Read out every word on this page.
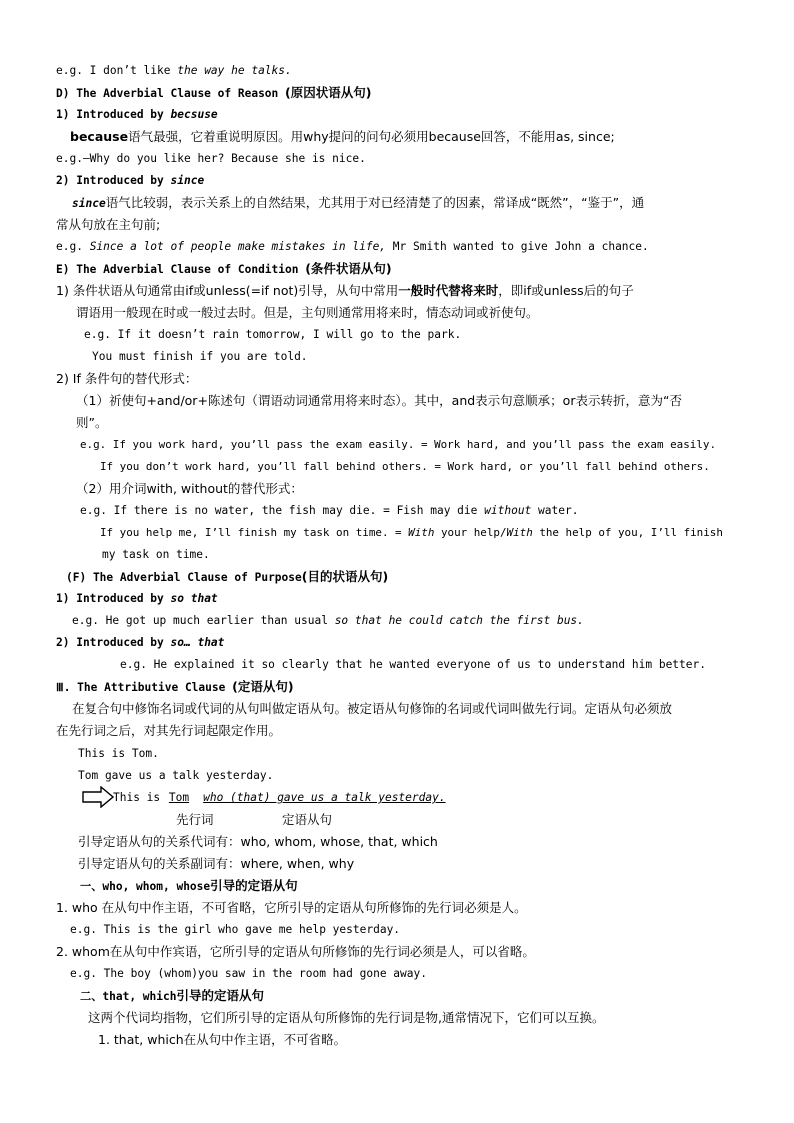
e.g. I don’t like the way he talks.
D) The Adverbial Clause of Reason (原因状语从句)
1) Introduced by becsuse
because语气最强，它着重说明原因。用why提问的问句必须用because回答，不能用as, since;
e.g.—Why do you like her? Because she is nice.
2) Introduced by since
since语气比较弱，表示关系上的自然结果，尤其用于对已经清楚了的因素，常译成“既然”，“鉴于”，通
常从句放在主句前;
e.g. Since a lot of people make mistakes in life, Mr Smith wanted to give John a chance.
E) The Adverbial Clause of Condition (条件状语从句)
1) 条件状语从句通常由if或unless(=if not)引导，从句中常用一般时代替将来时，即if或unless后的句子
谓语用一般现在时或一般过去时。但是，主句则通常用将来时，情态动词或祈使句。
e.g. If it doesn’t rain tomorrow, I will go to the park.
You must finish if you are told.
2) If 条件句的替代形式：
（1）祈使句+and/or+陈述句（谓语动词通常用将来时态）。其中，and表示句意顺承；or表示转折，意为“否
则”。
e.g. If you work hard, you’ll pass the exam easily. = Work hard, and you’ll pass the exam easily.
If you don’t work hard, you’ll fall behind others. = Work hard, or you’ll fall behind others.
（2）用介词with, without的替代形式：
e.g. If there is no water, the fish may die. = Fish may die without water.
If you help me, I’ll finish my task on time. = With your help/With the help of you, I’ll finish
my task on time.
(F) The Adverbial Clause of Purpose(目的状语从句)
1) Introduced by so that
e.g. He got up much earlier than usual so that he could catch the first bus.
2) Introduced by so… that
e.g. He explained it so clearly that he wanted everyone of us to understand him better.
Ⅲ. The Attributive Clause (定语从句)
在复合句中修饰名词或代词的从句叫做定语从句。被定语从句修饰的名词或代词叫做先行词。定语从句必须放
在先行词之后，对其先行词起限定作用。
This is Tom.
Tom gave us a talk yesterday.
This is Tom who (that) gave us a talk yesterday.
先行词	定语从句
引导定语从句的关系代词有：who, whom, whose, that, which
引导定语从句的关系副词有：where, when, why
一、who, whom, whose引导的定语从句
1. who 在从句中作主语，不可省略，它所引导的定语从句所修饰的先行词必须是人。
e.g. This is the girl who gave me help yesterday.
2. whom在从句中作宾语，它所引导的定语从句所修饰的先行词必须是人，可以省略。
e.g. The boy (whom)you saw in the room had gone away.
二、that, which引导的定语从句
这两个代词均指物，它们所引导的定语从句所修饰的先行词是物,通常情况下，它们可以互换。
1. that, which在从句中作主语，不可省略。
